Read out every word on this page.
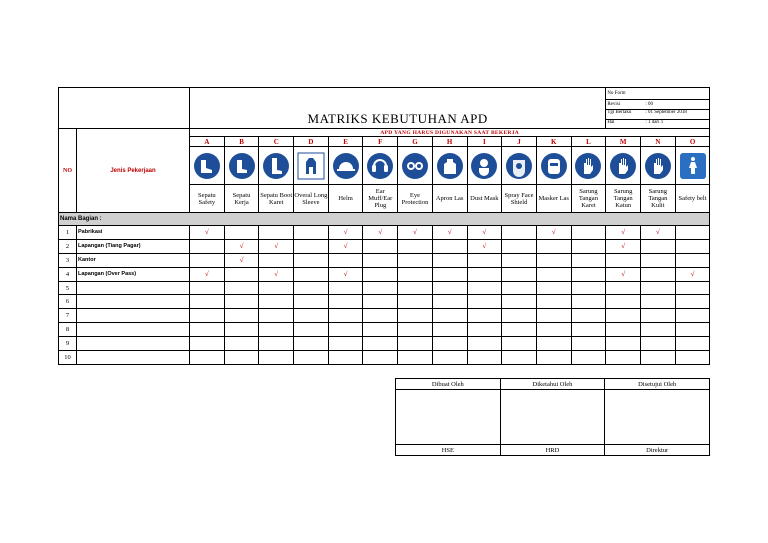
														No Form		
														Revisi : 00		
		MATRIKS KEBUTUHAN APD												Tgl Berlaku : 01 September 2018
Hal : 1 dari 1		

NO	Jenis Pekerjaan	APD YANG HARUS DIGUNAKAN SAAT BEKERJA														
		A	B	C	D	E	F	G	H	I	J	K	L	M	N	O

		Sepatu Safety	Sepatu Kerja	Sepatu Boot Karet	Overal Long Sleeve	Helm	Ear Muff/Ear Plug	Eye Protection	Apron Las	Dust Mask	Spray Face Shield	Masker Las	Sarung Tangan Karet	Sarung Tangan Katun	Sarung Tangan Kulit	Safety belt
Nama Bagian :																
1	Pabrikasi	√				√	√	√	√	√		√		√	√	
2	Lapangan (Tiang Pagar)		√	√		√				√				√		
3	Kantor		√													
4	Lapangan (Over Pass)	√		√		√								√		√
5																
6																
7																
8																
9																
10																
Dibuat Oleh	Diketahui Oleh	Disetujui Oleh

HSE	HRD	Direktur
